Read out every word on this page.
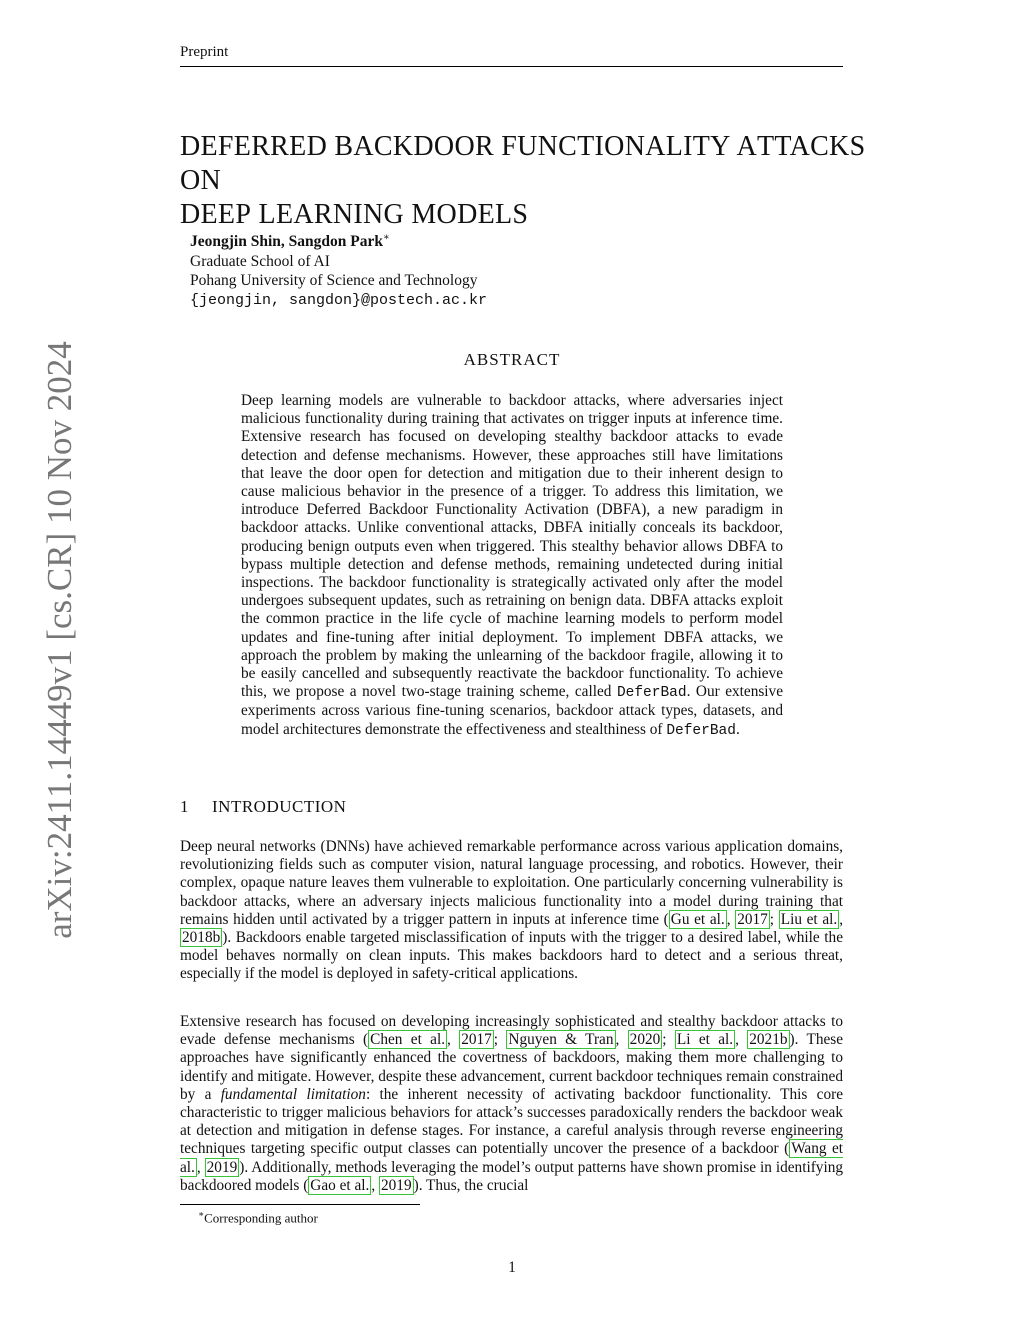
Preprint
arXiv:2411.14449v1 [cs.CR] 10 Nov 2024
DEFERRED BACKDOOR FUNCTIONALITY ATTACKS ON
DEEP LEARNING MODELS
Jeongjin Shin, Sangdon Park∗
Graduate School of AI
Pohang University of Science and Technology
{jeongjin, sangdon}@postech.ac.kr
ABSTRACT

Deep learning models are vulnerable to backdoor attacks, where adversaries inject malicious functionality during training that activates on trigger inputs at inference time. Extensive research has focused on developing stealthy backdoor attacks to evade detection and defense mechanisms. However, these approaches still have limitations that leave the door open for detection and mitigation due to their inherent design to cause malicious behavior in the presence of a trigger. To address this limitation, we introduce Deferred Backdoor Functionality Activation (DBFA), a new paradigm in backdoor attacks. Unlike conventional attacks, DBFA initially conceals its backdoor, producing benign outputs even when triggered. This stealthy behavior allows DBFA to bypass multiple detection and defense methods, remaining undetected during initial inspections. The backdoor functionality is strategically activated only after the model undergoes subsequent updates, such as retraining on benign data. DBFA attacks exploit the common practice in the life cycle of machine learning models to perform model updates and fine-tuning after initial deployment. To implement DBFA attacks, we approach the problem by making the unlearning of the backdoor fragile, allowing it to be easily cancelled and subsequently reactivate the backdoor functionality. To achieve this, we propose a novel two-stage training scheme, called DeferBad. Our extensive experiments across various fine-tuning scenarios, backdoor attack types, datasets, and model architectures demonstrate the effectiveness and stealthiness of DeferBad.

1 INTRODUCTION

Deep neural networks (DNNs) have achieved remarkable performance across various application domains, revolutionizing fields such as computer vision, natural language processing, and robotics. However, their complex, opaque nature leaves them vulnerable to exploitation. One particularly concerning vulnerability is backdoor attacks, where an adversary injects malicious functionality into a model during training that remains hidden until activated by a trigger pattern in inputs at inference time ( Gu et al. , 2017 ; Liu et al. , 2018b ). Backdoors enable targeted misclassification of inputs with the trigger to a desired label, while the model behaves normally on clean inputs. This makes backdoors hard to detect and a serious threat, especially if the model is deployed in safety-critical applications.

Extensive research has focused on developing increasingly sophisticated and stealthy backdoor attacks to evade defense mechanisms ( Chen et al. , 2017 ; Nguyen & Tran , 2020 ; Li et al. , 2021b ). These approaches have significantly enhanced the covertness of backdoors, making them more challenging to identify and mitigate. However, despite these advancement, current backdoor techniques remain constrained by a fundamental limitation: the inherent necessity of activating backdoor functionality. This core characteristic to trigger malicious behaviors for attack’s successes paradoxically renders the backdoor weak at detection and mitigation in defense stages. For instance, a careful analysis through reverse engineering techniques targeting specific output classes can potentially uncover the presence of a backdoor ( Wang et al. , 2019 ). Additionally, methods leveraging the model’s output patterns have shown promise in identifying backdoored models ( Gao et al. , 2019 ). Thus, the crucial

∗Corresponding author
1
